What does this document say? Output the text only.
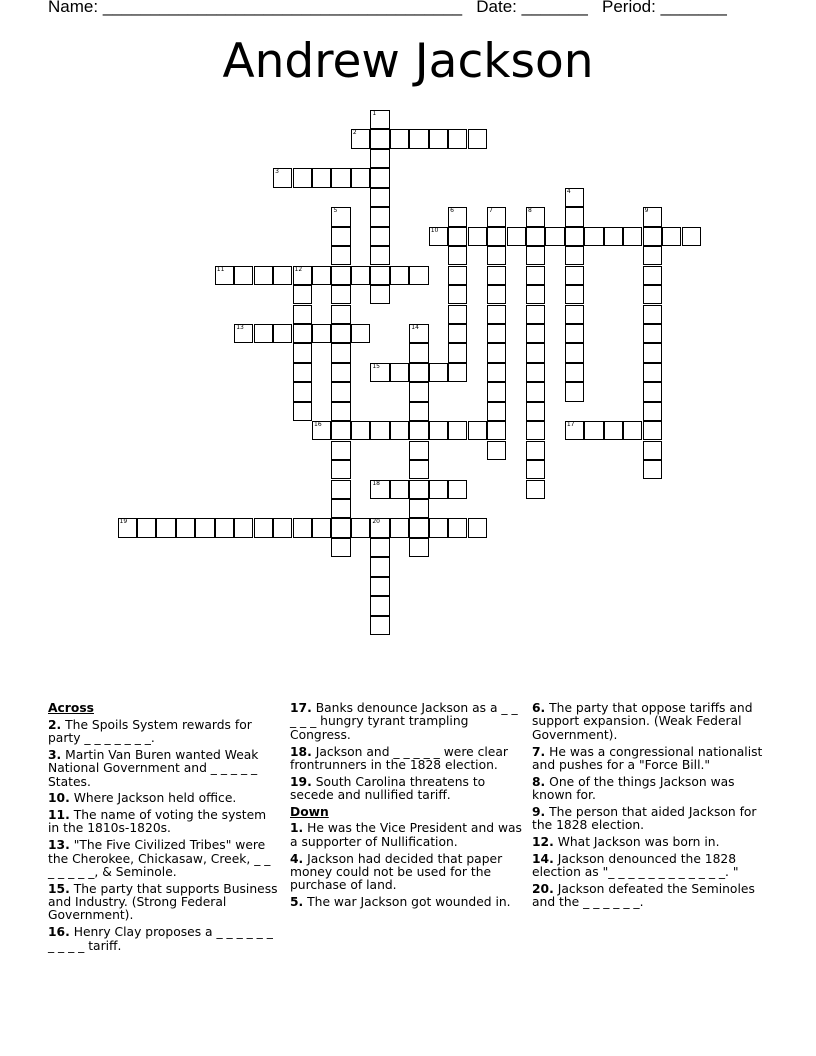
Name: ______________________________________ Date: _______ Period: _______
Andrew Jackson
1
2
3
4
5	6	7	8	9
10
11	12
13	14
15
16	17
18
19	20

Across

2. The Spoils System rewards for party _ _ _ _ _ _ _.

3. Martin Van Buren wanted Weak National Government and _ _ _ _ _ States.

10. Where Jackson held office.

11. The name of voting the system in the 1810s-1820s.

13. "The Five Civilized Tribes" were the Cherokee, Chickasaw, Creek, _ _ _ _ _ _ _, & Seminole.

15. The party that supports Business and Industry. (Strong Federal Government).

16. Henry Clay proposes a _ _ _ _ _ _ _ _ _ _ tariff.

17. Banks denounce Jackson as a _ _ _ _ _ hungry tyrant trampling Congress.

18. Jackson and _ _ _ _ _ were clear frontrunners in the 1828 election.

19. South Carolina threatens to secede and nullified tariff.

Down

1. He was the Vice President and was a supporter of Nullification.

4. Jackson had decided that paper money could not be used for the purchase of land.

5. The war Jackson got wounded in.

6. The party that oppose tariffs and support expansion. (Weak Federal Government).

7. He was a congressional nationalist and pushes for a "Force Bill."

8. One of the things Jackson was known for.

9. The person that aided Jackson for the 1828 election.

12. What Jackson was born in.

14. Jackson denounced the 1828 election as "_ _ _ _ _ _ _ _ _ _ _ _. "

20. Jackson defeated the Seminoles and the _ _ _ _ _ _.
